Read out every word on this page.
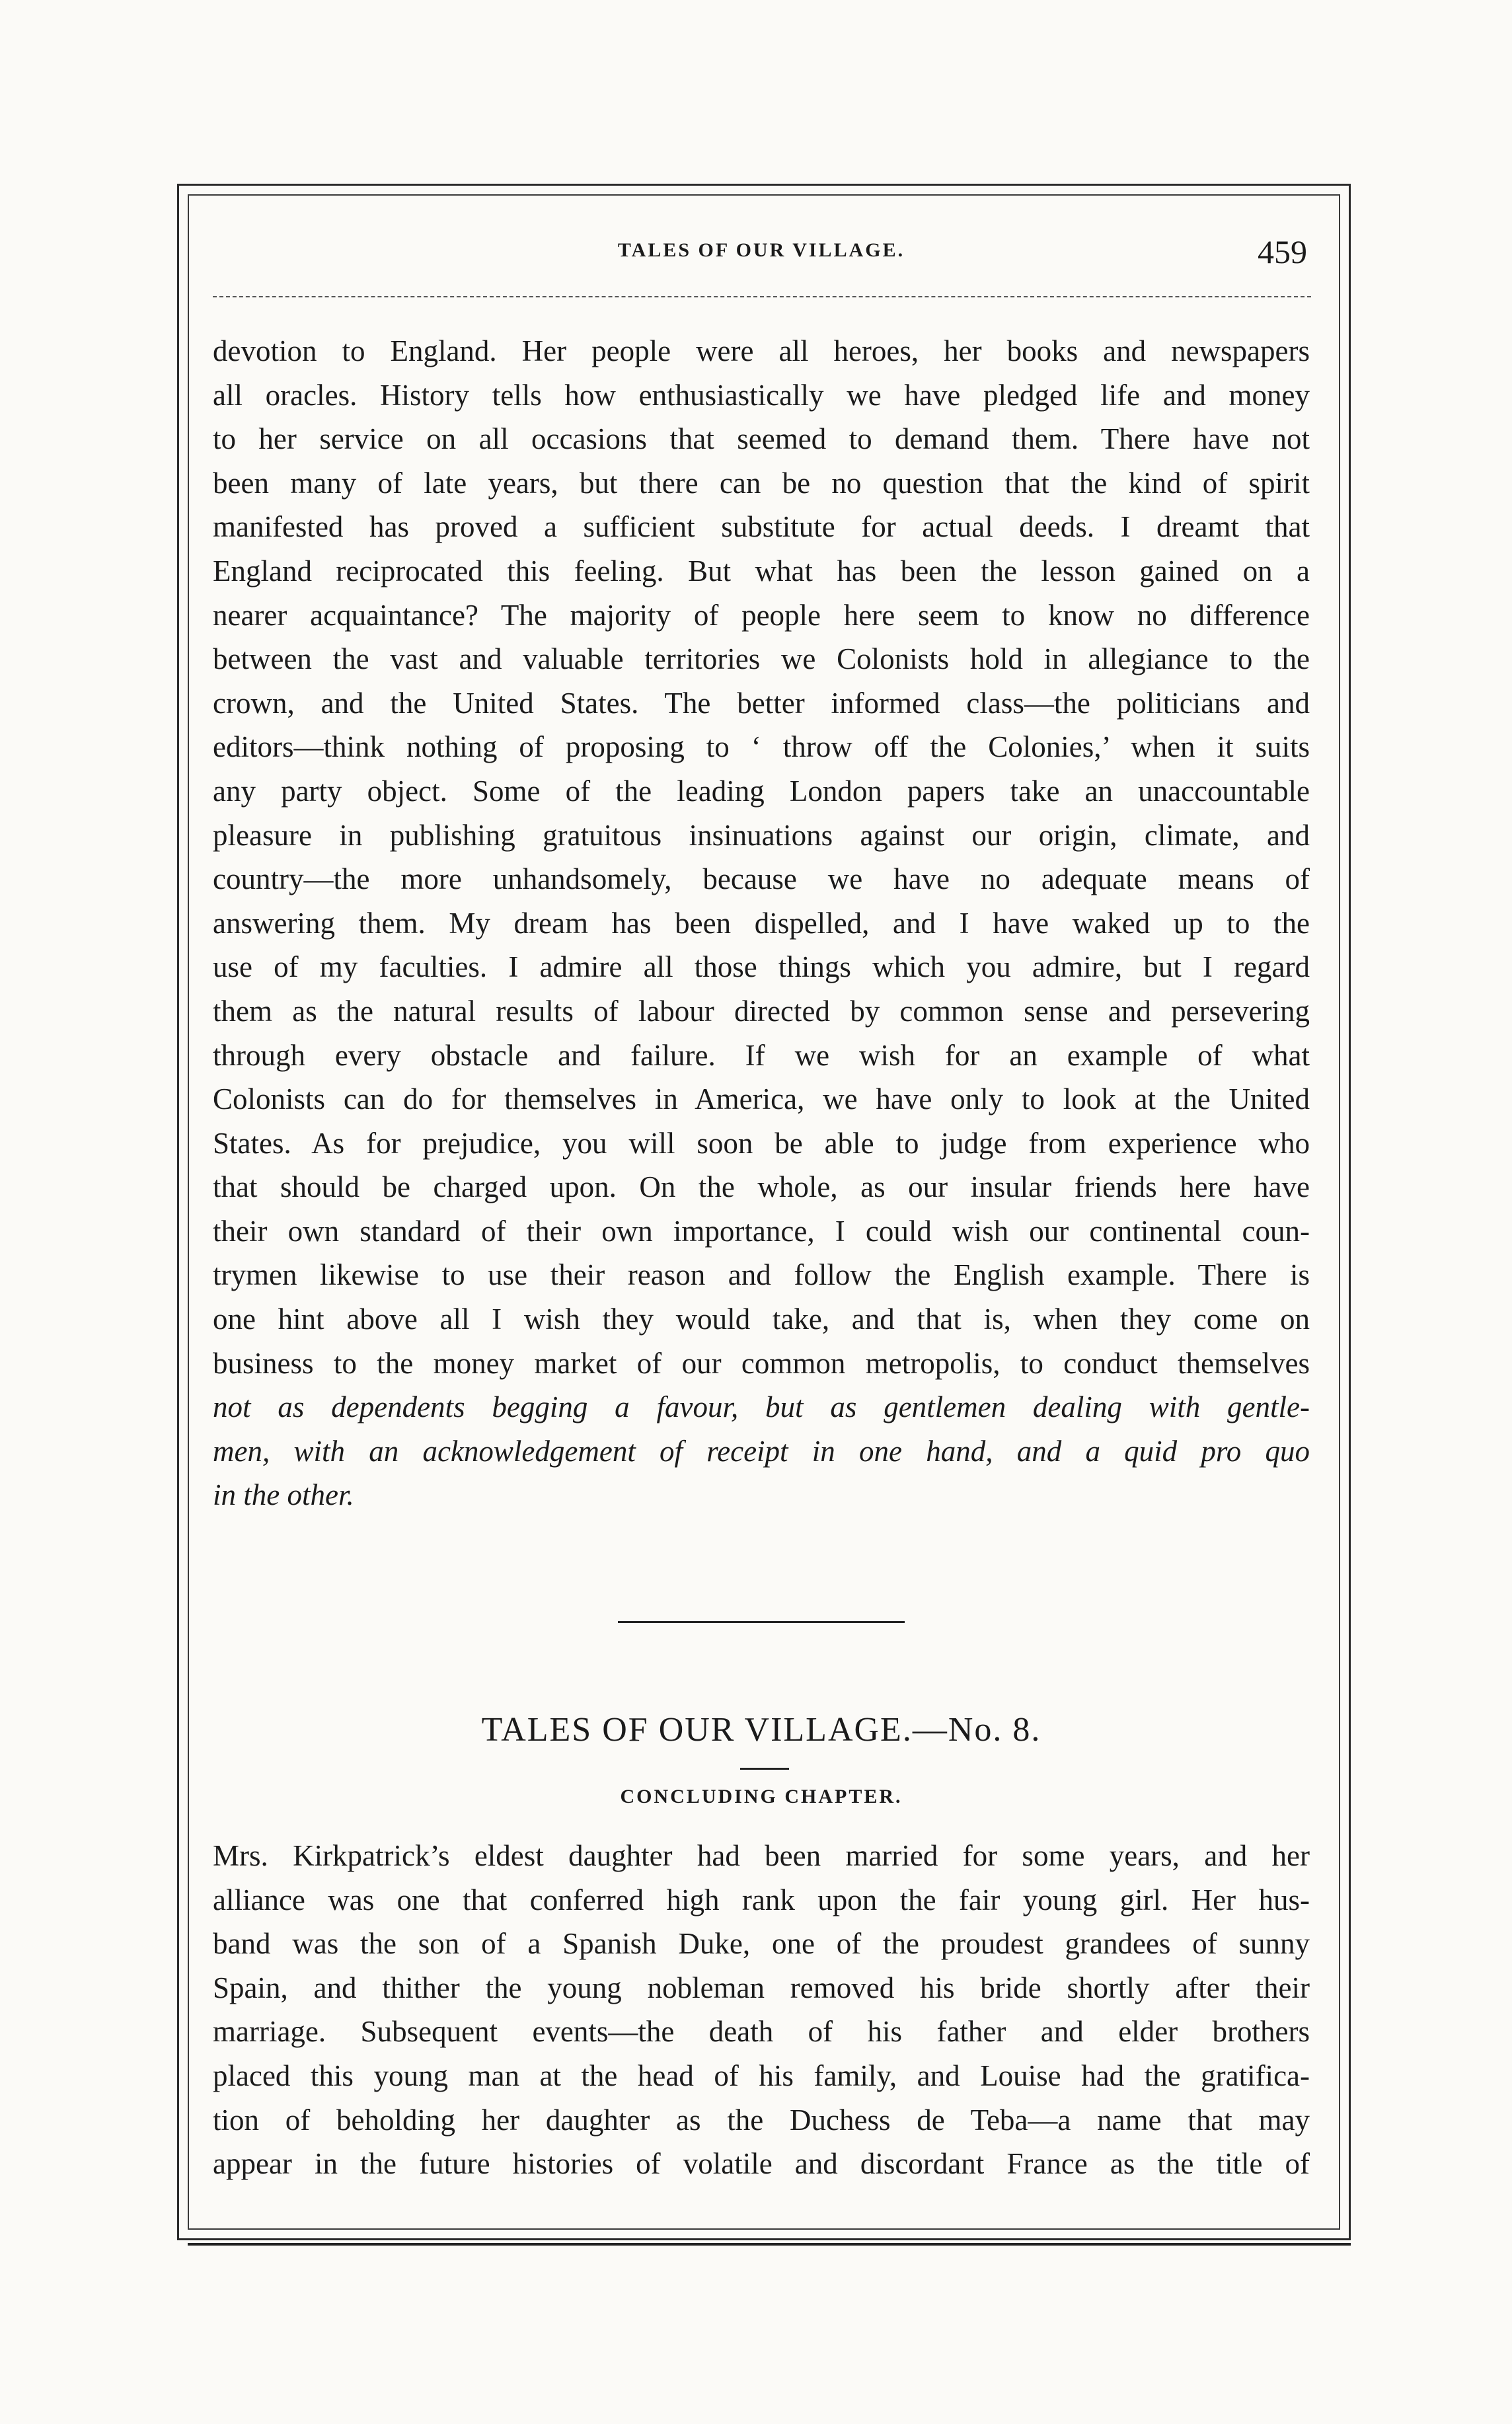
TALES OF OUR VILLAGE.	459
devotion to England. Her people were all heroes, her books and newspapers
all oracles. History tells how enthusiastically we have pledged life and money
to her service on all occasions that seemed to demand them. There have not
been many of late years, but there can be no question that the kind of spirit
manifested has proved a sufficient substitute for actual deeds. I dreamt that
England reciprocated this feeling. But what has been the lesson gained on a
nearer acquaintance? The majority of people here seem to know no difference
between the vast and valuable territories we Colonists hold in allegiance to the
crown, and the United States. The better informed class—the politicians and
editors—think nothing of proposing to ‘ throw off the Colonies,’ when it suits
any party object. Some of the leading London papers take an unaccountable
pleasure in publishing gratuitous insinuations against our origin, climate, and
country—the more unhandsomely, because we have no adequate means of
answering them. My dream has been dispelled, and I have waked up to the
use of my faculties. I admire all those things which you admire, but I regard
them as the natural results of labour directed by common sense and persevering
through every obstacle and failure. If we wish for an example of what
Colonists can do for themselves in America, we have only to look at the United
States. As for prejudice, you will soon be able to judge from experience who
that should be charged upon. On the whole, as our insular friends here have
their own standard of their own importance, I could wish our continental coun-
trymen likewise to use their reason and follow the English example. There is
one hint above all I wish they would take, and that is, when they come on
business to the money market of our common metropolis, to conduct themselves
not as dependents begging a favour, but as gentlemen dealing with gentle-
men, with an acknowledgement of receipt in one hand, and a quid pro quo
in the other.
TALES OF OUR VILLAGE.—No. 8.
CONCLUDING CHAPTER.
Mrs. Kirkpatrick’s eldest daughter had been married for some years, and her
alliance was one that conferred high rank upon the fair young girl. Her hus-
band was the son of a Spanish Duke, one of the proudest grandees of sunny
Spain, and thither the young nobleman removed his bride shortly after their
marriage. Subsequent events—the death of his father and elder brothers
placed this young man at the head of his family, and Louise had the gratifica-
tion of beholding her daughter as the Duchess de Teba—a name that may
appear in the future histories of volatile and discordant France as the title of
